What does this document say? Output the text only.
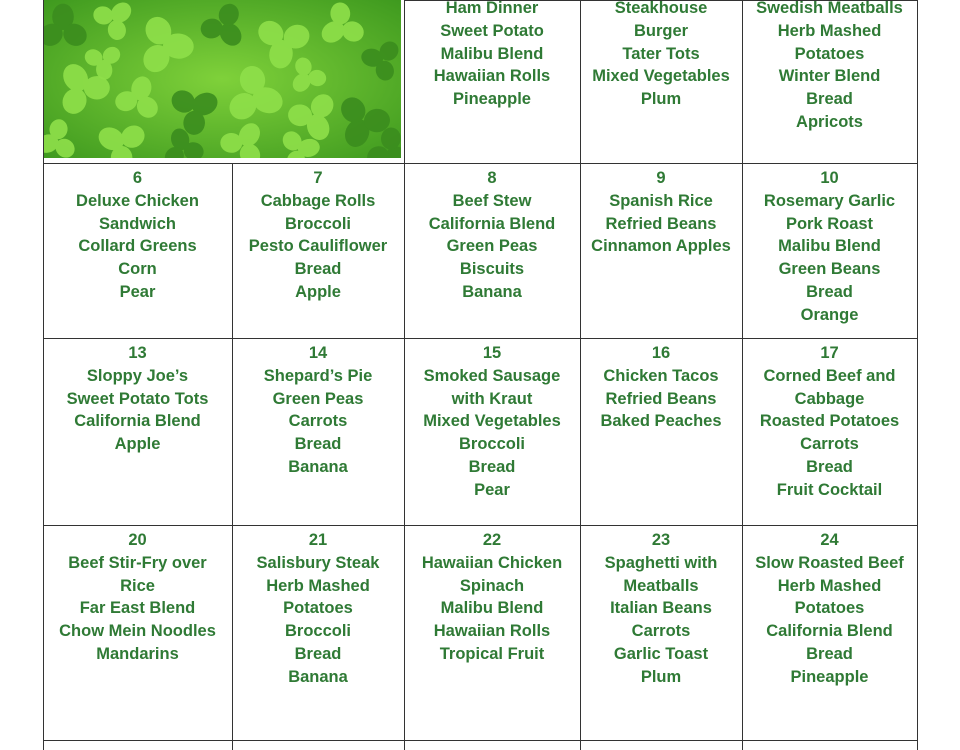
Ham Dinner
Sweet Potato
Malibu Blend
Hawaiian Rolls
Pineapple
Steakhouse
Burger
Tater Tots
Mixed Vegetables
Plum
Swedish Meatballs
Herb Mashed
Potatoes
Winter Blend
Bread
Apricots
6
Deluxe Chicken
Sandwich
Collard Greens
Corn
Pear
7
Cabbage Rolls
Broccoli
Pesto Cauliflower
Bread
Apple
8
Beef Stew
California Blend
Green Peas
Biscuits
Banana
9
Spanish Rice
Refried Beans
Cinnamon Apples
10
Rosemary Garlic
Pork Roast
Malibu Blend
Green Beans
Bread
Orange
13
Sloppy Joe’s
Sweet Potato Tots
California Blend
Apple
14
Shepard’s Pie
Green Peas
Carrots
Bread
Banana
15
Smoked Sausage
with Kraut
Mixed Vegetables
Broccoli
Bread
Pear
16
Chicken Tacos
Refried Beans
Baked Peaches
17
Corned Beef and
Cabbage
Roasted Potatoes
Carrots
Bread
Fruit Cocktail
20
Beef Stir-Fry over
Rice
Far East Blend
Chow Mein Noodles
Mandarins
21
Salisbury Steak
Herb Mashed
Potatoes
Broccoli
Bread
Banana
22
Hawaiian Chicken
Spinach
Malibu Blend
Hawaiian Rolls
Tropical Fruit
23
Spaghetti with
Meatballs
Italian Beans
Carrots
Garlic Toast
Plum
24
Slow Roasted Beef
Herb Mashed
Potatoes
California Blend
Bread
Pineapple
